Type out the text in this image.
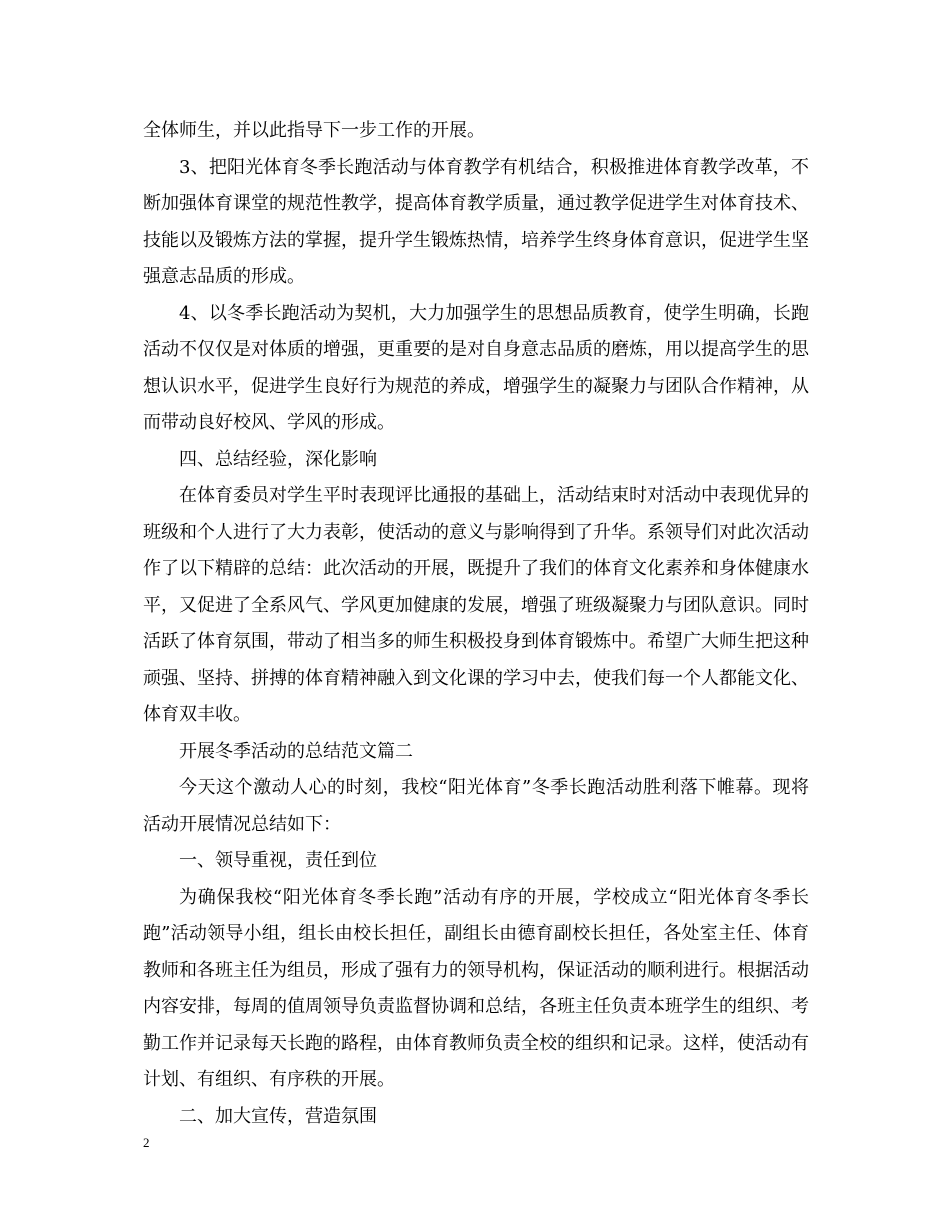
全体师生，并以此指导下一步工作的开展。

3、把阳光体育冬季长跑活动与体育教学有机结合，积极推进体育教学改革，不断加强体育课堂的规范性教学，提高体育教学质量，通过教学促进学生对体育技术、技能以及锻炼方法的掌握，提升学生锻炼热情，培养学生终身体育意识，促进学生坚强意志品质的形成。

4、以冬季长跑活动为契机，大力加强学生的思想品质教育，使学生明确，长跑活动不仅仅是对体质的增强，更重要的是对自身意志品质的磨炼，用以提高学生的思想认识水平，促进学生良好行为规范的养成，增强学生的凝聚力与团队合作精神，从而带动良好校风、学风的形成。

四、总结经验，深化影响

在体育委员对学生平时表现评比通报的基础上，活动结束时对活动中表现优异的班级和个人进行了大力表彰，使活动的意义与影响得到了升华。系领导们对此次活动作了以下精辟的总结：此次活动的开展，既提升了我们的体育文化素养和身体健康水平，又促进了全系风气、学风更加健康的发展，增强了班级凝聚力与团队意识。同时活跃了体育氛围，带动了相当多的师生积极投身到体育锻炼中。希望广大师生把这种顽强、坚持、拼搏的体育精神融入到文化课的学习中去，使我们每一个人都能文化、体育双丰收。

开展冬季活动的总结范文篇二

今天这个激动人心的时刻，我校“阳光体育”冬季长跑活动胜利落下帷幕。现将活动开展情况总结如下：

一、领导重视，责任到位

为确保我校“阳光体育冬季长跑”活动有序的开展，学校成立“阳光体育冬季长跑”活动领导小组，组长由校长担任，副组长由德育副校长担任，各处室主任、体育教师和各班主任为组员，形成了强有力的领导机构，保证活动的顺利进行。根据活动内容安排，每周的值周领导负责监督协调和总结，各班主任负责本班学生的组织、考勤工作并记录每天长跑的路程，由体育教师负责全校的组织和记录。这样，使活动有计划、有组织、有序秩的开展。

二、加大宣传，营造氛围

2
